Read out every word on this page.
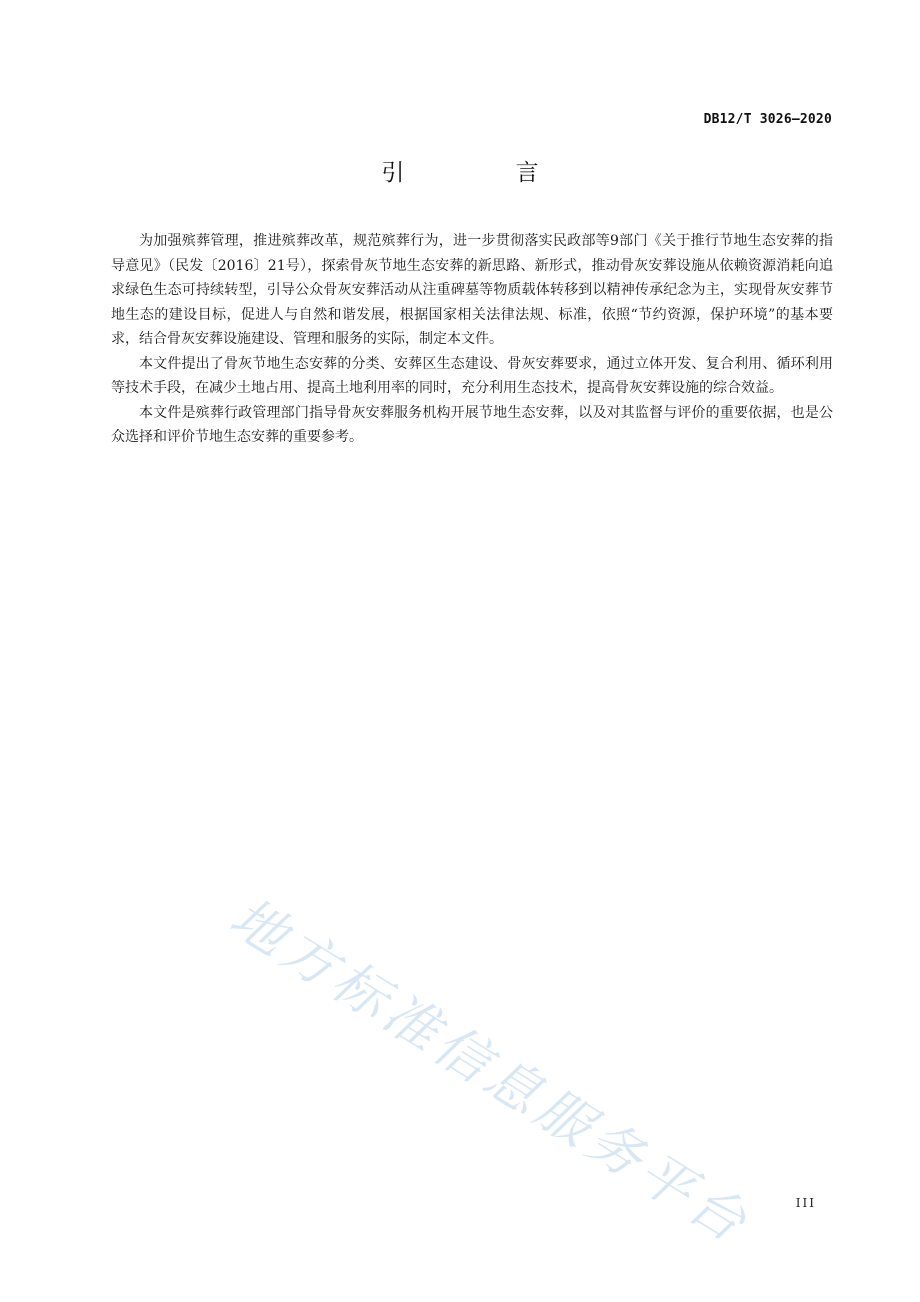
DB12/T 3026—2020
引 言

为加强殡葬管理，推进殡葬改革，规范殡葬行为，进一步贯彻落实民政部等9部门《关于推行节地生态安葬的指导意见》（民发〔2016〕21号），探索骨灰节地生态安葬的新思路、新形式，推动骨灰安葬设施从依赖资源消耗向追求绿色生态可持续转型，引导公众骨灰安葬活动从注重碑墓等物质载体转移到以精神传承纪念为主，实现骨灰安葬节地生态的建设目标，促进人与自然和谐发展，根据国家相关法律法规、标准，依照“节约资源，保护环境”的基本要求，结合骨灰安葬设施建设、管理和服务的实际，制定本文件。

本文件提出了骨灰节地生态安葬的分类、安葬区生态建设、骨灰安葬要求，通过立体开发、复合利用、循环利用等技术手段，在减少土地占用、提高土地利用率的同时，充分利用生态技术，提高骨灰安葬设施的综合效益。

本文件是殡葬行政管理部门指导骨灰安葬服务机构开展节地生态安葬，以及对其监督与评价的重要依据，也是公众选择和评价节地生态安葬的重要参考。

地方标准信息服务平台	III
